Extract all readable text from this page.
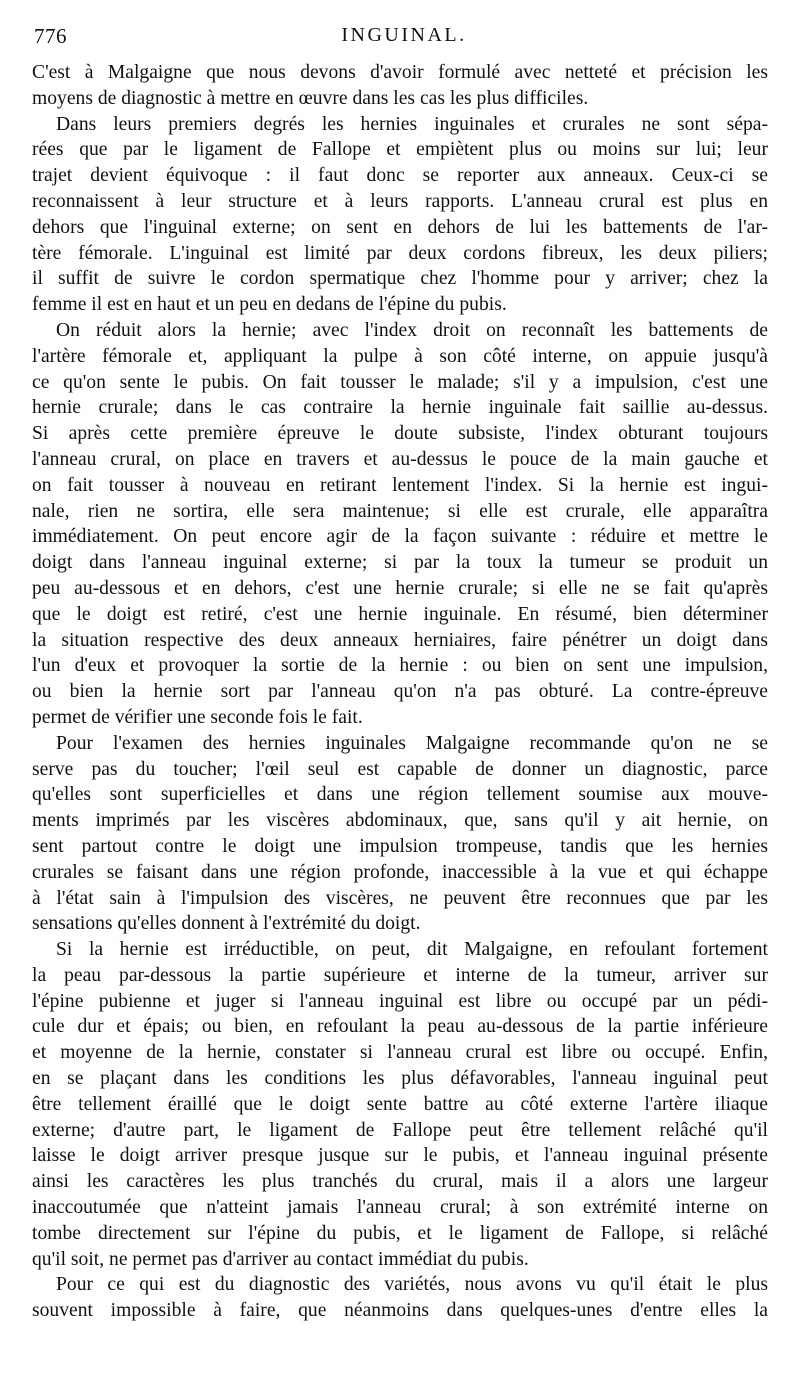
776	INGUINAL.
C'est à Malgaigne que nous devons d'avoir formulé avec netteté et précision les
moyens de diagnostic à mettre en œuvre dans les cas les plus difficiles.
Dans leurs premiers degrés les hernies inguinales et crurales ne sont sépa-
rées que par le ligament de Fallope et empiètent plus ou moins sur lui; leur
trajet devient équivoque : il faut donc se reporter aux anneaux. Ceux-ci se
reconnaissent à leur structure et à leurs rapports. L'anneau crural est plus en
dehors que l'inguinal externe; on sent en dehors de lui les battements de l'ar-
tère fémorale. L'inguinal est limité par deux cordons fibreux, les deux piliers;
il suffit de suivre le cordon spermatique chez l'homme pour y arriver; chez la
femme il est en haut et un peu en dedans de l'épine du pubis.
On réduit alors la hernie; avec l'index droit on reconnaît les battements de
l'artère fémorale et, appliquant la pulpe à son côté interne, on appuie jusqu'à
ce qu'on sente le pubis. On fait tousser le malade; s'il y a impulsion, c'est une
hernie crurale; dans le cas contraire la hernie inguinale fait saillie au-dessus.
Si après cette première épreuve le doute subsiste, l'index obturant toujours
l'anneau crural, on place en travers et au-dessus le pouce de la main gauche et
on fait tousser à nouveau en retirant lentement l'index. Si la hernie est ingui-
nale, rien ne sortira, elle sera maintenue; si elle est crurale, elle apparaîtra
immédiatement. On peut encore agir de la façon suivante : réduire et mettre le
doigt dans l'anneau inguinal externe; si par la toux la tumeur se produit un
peu au-dessous et en dehors, c'est une hernie crurale; si elle ne se fait qu'après
que le doigt est retiré, c'est une hernie inguinale. En résumé, bien déterminer
la situation respective des deux anneaux herniaires, faire pénétrer un doigt dans
l'un d'eux et provoquer la sortie de la hernie : ou bien on sent une impulsion,
ou bien la hernie sort par l'anneau qu'on n'a pas obturé. La contre-épreuve
permet de vérifier une seconde fois le fait.
Pour l'examen des hernies inguinales Malgaigne recommande qu'on ne se
serve pas du toucher; l'œil seul est capable de donner un diagnostic, parce
qu'elles sont superficielles et dans une région tellement soumise aux mouve-
ments imprimés par les viscères abdominaux, que, sans qu'il y ait hernie, on
sent partout contre le doigt une impulsion trompeuse, tandis que les hernies
crurales se faisant dans une région profonde, inaccessible à la vue et qui échappe
à l'état sain à l'impulsion des viscères, ne peuvent être reconnues que par les
sensations qu'elles donnent à l'extrémité du doigt.
Si la hernie est irréductible, on peut, dit Malgaigne, en refoulant fortement
la peau par-dessous la partie supérieure et interne de la tumeur, arriver sur
l'épine pubienne et juger si l'anneau inguinal est libre ou occupé par un pédi-
cule dur et épais; ou bien, en refoulant la peau au-dessous de la partie inférieure
et moyenne de la hernie, constater si l'anneau crural est libre ou occupé. Enfin,
en se plaçant dans les conditions les plus défavorables, l'anneau inguinal peut
être tellement éraillé que le doigt sente battre au côté externe l'artère iliaque
externe; d'autre part, le ligament de Fallope peut être tellement relâché qu'il
laisse le doigt arriver presque jusque sur le pubis, et l'anneau inguinal présente
ainsi les caractères les plus tranchés du crural, mais il a alors une largeur
inaccoutumée que n'atteint jamais l'anneau crural; à son extrémité interne on
tombe directement sur l'épine du pubis, et le ligament de Fallope, si relâché
qu'il soit, ne permet pas d'arriver au contact immédiat du pubis.
Pour ce qui est du diagnostic des variétés, nous avons vu qu'il était le plus
souvent impossible à faire, que néanmoins dans quelques-unes d'entre elles la
